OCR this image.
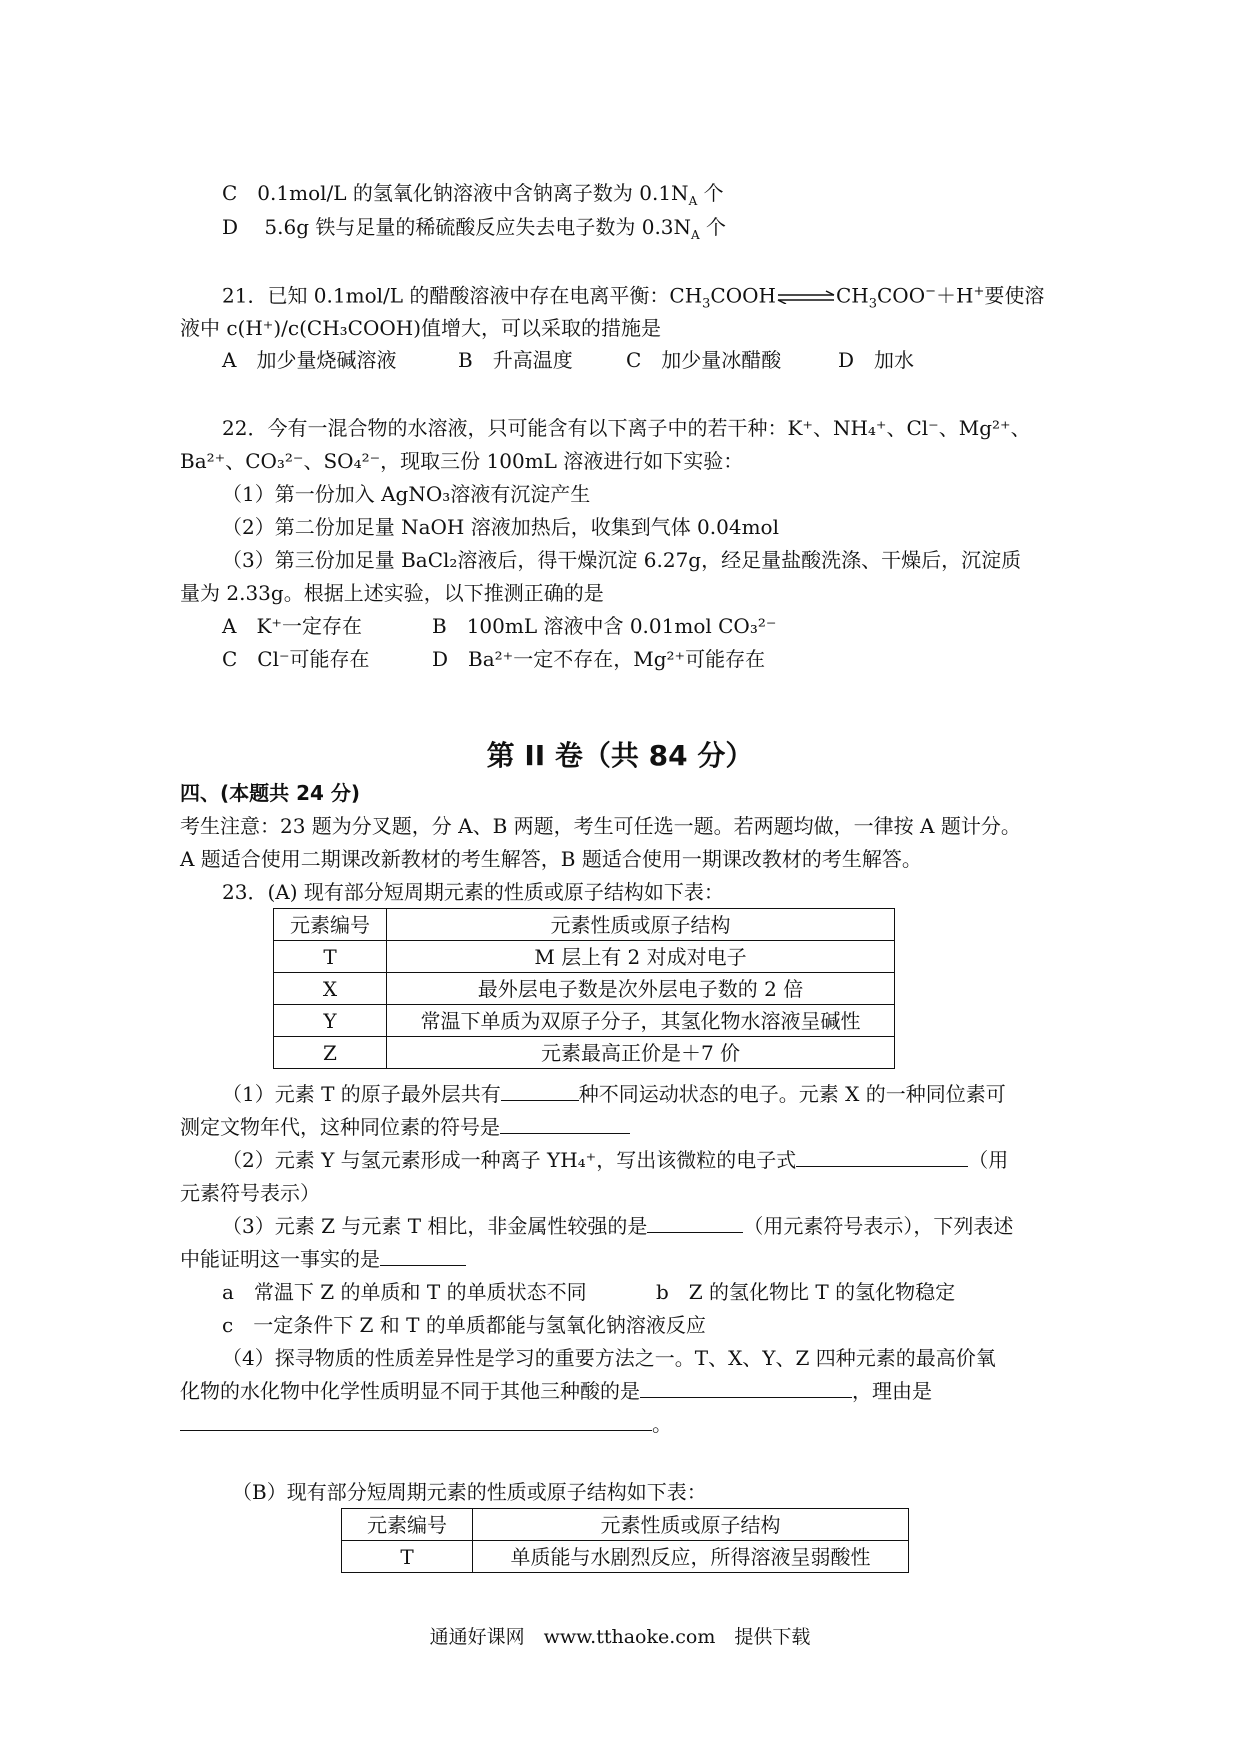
C　0.1mol/L 的氢氧化钠溶液中含钠离子数为 $0.1N_A$ 个
D　 5.6g 铁与足量的稀硫酸反应失去电子数为 $0.3N_A$ 个
21．已知 0.1mol/L 的醋酸溶液中存在电离平衡：$CH_3COOH\rightleftharpoons CH_3COO^-+H^+$要使溶
液中 c(H⁺)/c(CH₃COOH)值增大，可以采取的措施是
A　加少量烧碱溶液	B　升高温度	C　加少量冰醋酸	D　加水
22．今有一混合物的水溶液，只可能含有以下离子中的若干种：K⁺、NH₄⁺、Cl⁻、Mg²⁺、
Ba²⁺、CO₃²⁻、SO₄²⁻，现取三份 100mL 溶液进行如下实验：
（1）第一份加入 AgNO₃溶液有沉淀产生
（2）第二份加足量 NaOH 溶液加热后，收集到气体 0.04mol
（3）第三份加足量 BaCl₂溶液后，得干燥沉淀 6.27g，经足量盐酸洗涤、干燥后，沉淀质
量为 2.33g。根据上述实验，以下推测正确的是
A　K⁺一定存在	B　100mL 溶液中含 0.01mol CO₃²⁻
C　Cl⁻可能存在	D　Ba²⁺一定不存在，Mg²⁺可能存在
第 II 卷（共 84 分）
四、(本题共 24 分)
考生注意：23 题为分叉题，分 A、B 两题，考生可任选一题。若两题均做，一律按 A 题计分。
A 题适合使用二期课改新教材的考生解答，B 题适合使用一期课改教材的考生解答。
23．(A) 现有部分短周期元素的性质或原子结构如下表：
元素编号	元素性质或原子结构
T	M 层上有 2 对成对电子
X	最外层电子数是次外层电子数的 2 倍
Y	常温下单质为双原子分子，其氢化物水溶液呈碱性
Z	元素最高正价是＋7 价
（1）元素 T 的原子最外层共有	种不同运动状态的电子。元素 X 的一种同位素可
测定文物年代，这种同位素的符号是
（2）元素 Y 与氢元素形成一种离子 YH₄⁺，写出该微粒的电子式	（用
元素符号表示）
（3）元素 Z 与元素 T 相比，非金属性较强的是	（用元素符号表示），下列表述
中能证明这一事实的是
a　常温下 Z 的单质和 T 的单质状态不同	b　Z 的氢化物比 T 的氢化物稳定
c　一定条件下 Z 和 T 的单质都能与氢氧化钠溶液反应
（4）探寻物质的性质差异性是学习的重要方法之一。T、X、Y、Z 四种元素的最高价氧
化物的水化物中化学性质明显不同于其他三种酸的是	，理由是
。
（B）现有部分短周期元素的性质或原子结构如下表：
元素编号	元素性质或原子结构
T	单质能与水剧烈反应，所得溶液呈弱酸性
通通好课网　www.tthaoke.com　提供下载
